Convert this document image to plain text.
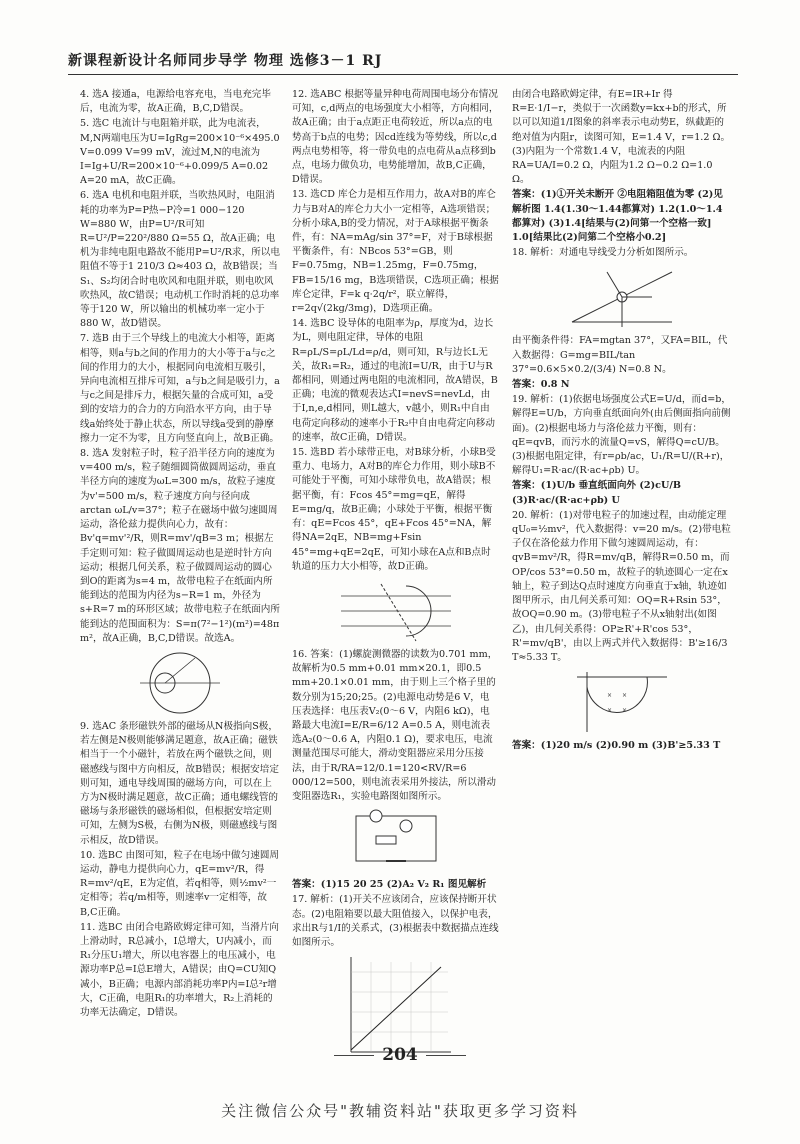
新课程新设计名师同步导学 物理 选修3－1 RJ

4. 选A 接通a，电源给电容充电，当电充完毕后，电流为零，故A正确，B,C,D错误。

5. 选C 电流计与电阻箱并联，此为电流表，M,N两端电压为U=IgRg=200×10⁻⁶×495.0 V=0.099 V=99 mV，流过M,N的电流为I=Ig+U/R=200×10⁻⁶+0.099/5 A=0.02 A=20 mA，故C正确。

6. 选A 电机和电阻并联，当吹热风时，电阻消耗的功率为P=P热−P冷=1 000−120 W=880 W，由P=U²/R可知R=U²/P=220²/880 Ω=55 Ω，故A正确；电机为非纯电阻电路故不能用P=U²/R求，所以电阻值不等于1 210/3 Ω≈403 Ω，故B错误；当S₁、S₂均闭合时电吹风和电阻并联，则电吹风吹热风，故C错误；电动机工作时消耗的总功率等于120 W，所以输出的机械功率一定小于880 W，故D错误。

7. 选B 由于三个导线上的电流大小相等，距离相等，则a与b之间的作用力的大小等于a与c之间的作用力的大小，根据同向电流相互吸引，异向电流相互排斥可知，a与b之间是吸引力，a与c之间是排斥力，根据矢量的合成可知，a受到的安培力的合力的方向沿水平方向，由于导线a始终处于静止状态，所以导线a受到的静摩擦力一定不为零，且方向竖直向上，故B正确。

8. 选A 发射粒子时，粒子沿半径方向的速度为v=400 m/s，粒子随细圆筒做圆周运动，垂直半径方向的速度为ωL=300 m/s，故粒子速度为v'=500 m/s，粒子速度方向与径向成arctan ωL/v=37°；粒子在磁场中做匀速圆周运动，洛伦兹力提供向心力，故有：Bv'q=mv'²/R，则R=mv'/qB=3 m；根据左手定则可知：粒子做圆周运动也是逆时针方向运动；根据几何关系，粒子做圆周运动的圆心到O的距离为s=4 m，故带电粒子在纸面内所能到达的范围为内径为s−R=1 m，外径为s+R=7 m的环形区域；故带电粒子在纸面内所能到达的范围面积为：S=π(7²−1²)(m²)=48π m²，故A正确，B,C,D错误。故选A。

9. 选AC 条形磁铁外部的磁场从N极指向S极，若左侧是N极则能够满足题意，故A正确；磁铁相当于一个小磁针，若放在两个磁铁之间，则磁感线与图中方向相反，故B错误；根据安培定则可知，通电导线周围的磁场方向，可以在上方为N极时满足题意，故C正确；通电螺线管的磁场与条形磁铁的磁场相似，但根据安培定则可知，左侧为S极，右侧为N极，则磁感线与图示相反，故D错误。

10. 选BC 由图可知，粒子在电场中做匀速圆周运动，静电力提供向心力，qE=mv²/R，得R=mv²/qE，E为定值，若q相等，则½mv²一定相等；若q/m相等，则速率v一定相等，故B,C正确。

11. 选BC 由闭合电路欧姆定律可知，当滑片向上滑动时，R总减小，I总增大，U内减小，而R₁分压U₁增大，所以电容器上的电压减小，电源功率P总=I总E增大，A错误；由Q=CU知Q减小，B正确；电源内部消耗功率P内=I总²r增大，C正确，电阻R₁的功率增大，R₂上消耗的功率无法确定，D错误。

12. 选ABC 根据等量异种电荷周围电场分布情况可知，c,d两点的电场强度大小相等，方向相同，故A正确；由于a点距正电荷较近，所以a点的电势高于b点的电势；因cd连线为等势线，所以c,d两点电势相等，将一带负电的点电荷从a点移到b点，电场力做负功，电势能增加，故B,C正确，D错误。

13. 选CD 库仑力是相互作用力，故A对B的库仑力与B对A的库仑力大小一定相等，A选项错误；分析小球A,B的受力情况，对于A球根据平衡条件，有：NA=mAg/sin 37°=F，对于B球根据平衡条件，有：NBcos 53°=GB，则F=0.75mg，NB=1.25mg，F=0.75mg，FB=15/16 mg，B选项错误，C选项正确；根据库仑定律，F=k q·2q/r²，联立解得，r=2q√(2kg/3mg)，D选项正确。

14. 选BC 设导体的电阻率为ρ，厚度为d，边长为L，则电阻定律，导体的电阻R=ρL/S=ρL/Ld=ρ/d，则可知，R与边长L无关，故R₁=R₂，通过的电流I=U/R，由于U与R都相同，则通过两电阻的电流相同，故A错误，B正确；电流的微观表达式I=nevS=nevLd，由于I,n,e,d相同，则L越大，v越小，则R₁中自由电荷定向移动的速率小于R₂中自由电荷定向移动的速率，故C正确，D错误。

15. 选BD 若小球带正电，对B球分析，小球B受重力、电场力，A对B的库仑力作用，则小球B不可能处于平衡，可知小球带负电，故A错误；根据平衡，有：Fcos 45°=mg=qE，解得E=mg/q，故B正确；小球处于平衡，根据平衡有：qE=Fcos 45°，qE+Fcos 45°=NA，解得NA=2qE，NB=mg+Fsin 45°=mg+qE=2qE，可知小球在A点和B点时轨道的压力大小相等，故D正确。

16. 答案：(1)螺旋测微器的读数为0.701 mm，故解析为0.5 mm+0.01 mm×20.1，即0.5 mm+20.1×0.01 mm，由于则上三个格子里的数分别为15;20;25。(2)电源电动势是6 V，电压表选择：电压表V₂(0～6 V，内阻6 kΩ)，电路最大电流I=E/R=6/12 A=0.5 A，则电流表选A₂(0～0.6 A，内阻0.1 Ω)，要求电压，电流测量范围尽可能大，滑动变阻器应采用分压接法，由于R/RA=12/0.1=120<RV/R=6 000/12=500，则电流表采用外接法，所以滑动变阻器选R₁，实验电路图如图所示。

答案：(1)15 20 25 (2)A₂ V₂ R₁ 图见解析

17. 解析：(1)开关不应该闭合，应该保持断开状态。(2)电阻箱要以最大阻值接入，以保护电表，求出R与1/I的关系式，(3)根据表中数据描点连线如图所示。

由闭合电路欧姆定律，有E=IR+Ir 得R=E·1/I−r，类似于一次函数y=kx+b的形式，所以可以知道1/I图象的斜率表示电动势E，纵截距的绝对值为内阻r，读图可知，E=1.4 V，r=1.2 Ω。(3)内阻为一个常数1.4 V，电流表的内阻RA=UA/I=0.2 Ω，内阻为1.2 Ω−0.2 Ω=1.0 Ω。

答案：(1)①开关未断开 ②电阻箱阻值为零 (2)见解析图 1.4(1.30～1.44都算对) 1.2(1.0～1.4都算对) (3)1.4[结果与(2)问第一个空格一致] 1.0[结果比(2)问第二个空格小0.2]

18. 解析：对通电导线受力分析如图所示。

由平衡条件得：FA=mgtan 37°，又FA=BIL，代入数据得：G=mg=BIL/tan 37°=0.6×5×0.2/(3/4) N=0.8 N。

答案：0.8 N

19. 解析：(1)依据电场强度公式E=U/d，而d=b，解得E=U/b，方向垂直纸面向外(由后侧面指向前侧面)。(2)根据电场力与洛伦兹力平衡，则有：qE=qvB，而污水的流量Q=vS，解得Q=cU/B。(3)根据电阻定律，有r=ρb/ac，U₁/R=U/(R+r)，解得U₁=R·ac/(R·ac+ρb) U。

答案：(1)U/b 垂直纸面向外 (2)cU/B (3)R·ac/(R·ac+ρb) U

20. 解析：(1)对带电粒子的加速过程，由动能定理qU₀=½mv²，代入数据得：v=20 m/s。(2)带电粒子仅在洛伦兹力作用下做匀速圆周运动，有：qvB=mv²/R，得R=mv/qB，解得R=0.50 m，而OP/cos 53°=0.50 m，故粒子的轨迹圆心一定在x轴上，粒子到达Q点时速度方向垂直于x轴，轨迹如图甲所示，由几何关系可知：OQ=R+Rsin 53°，故OQ=0.90 m。(3)带电粒子不从x轴射出(如图乙)，由几何关系得：OP≥R'+R'cos 53°，R'=mv/qB'，由以上两式并代入数据得：B'≥16/3 T≈5.33 T。

× ×
× ×

答案：(1)20 m/s (2)0.90 m (3)B'≥5.33 T

204
关注微信公众号"教辅资料站"获取更多学习资料
